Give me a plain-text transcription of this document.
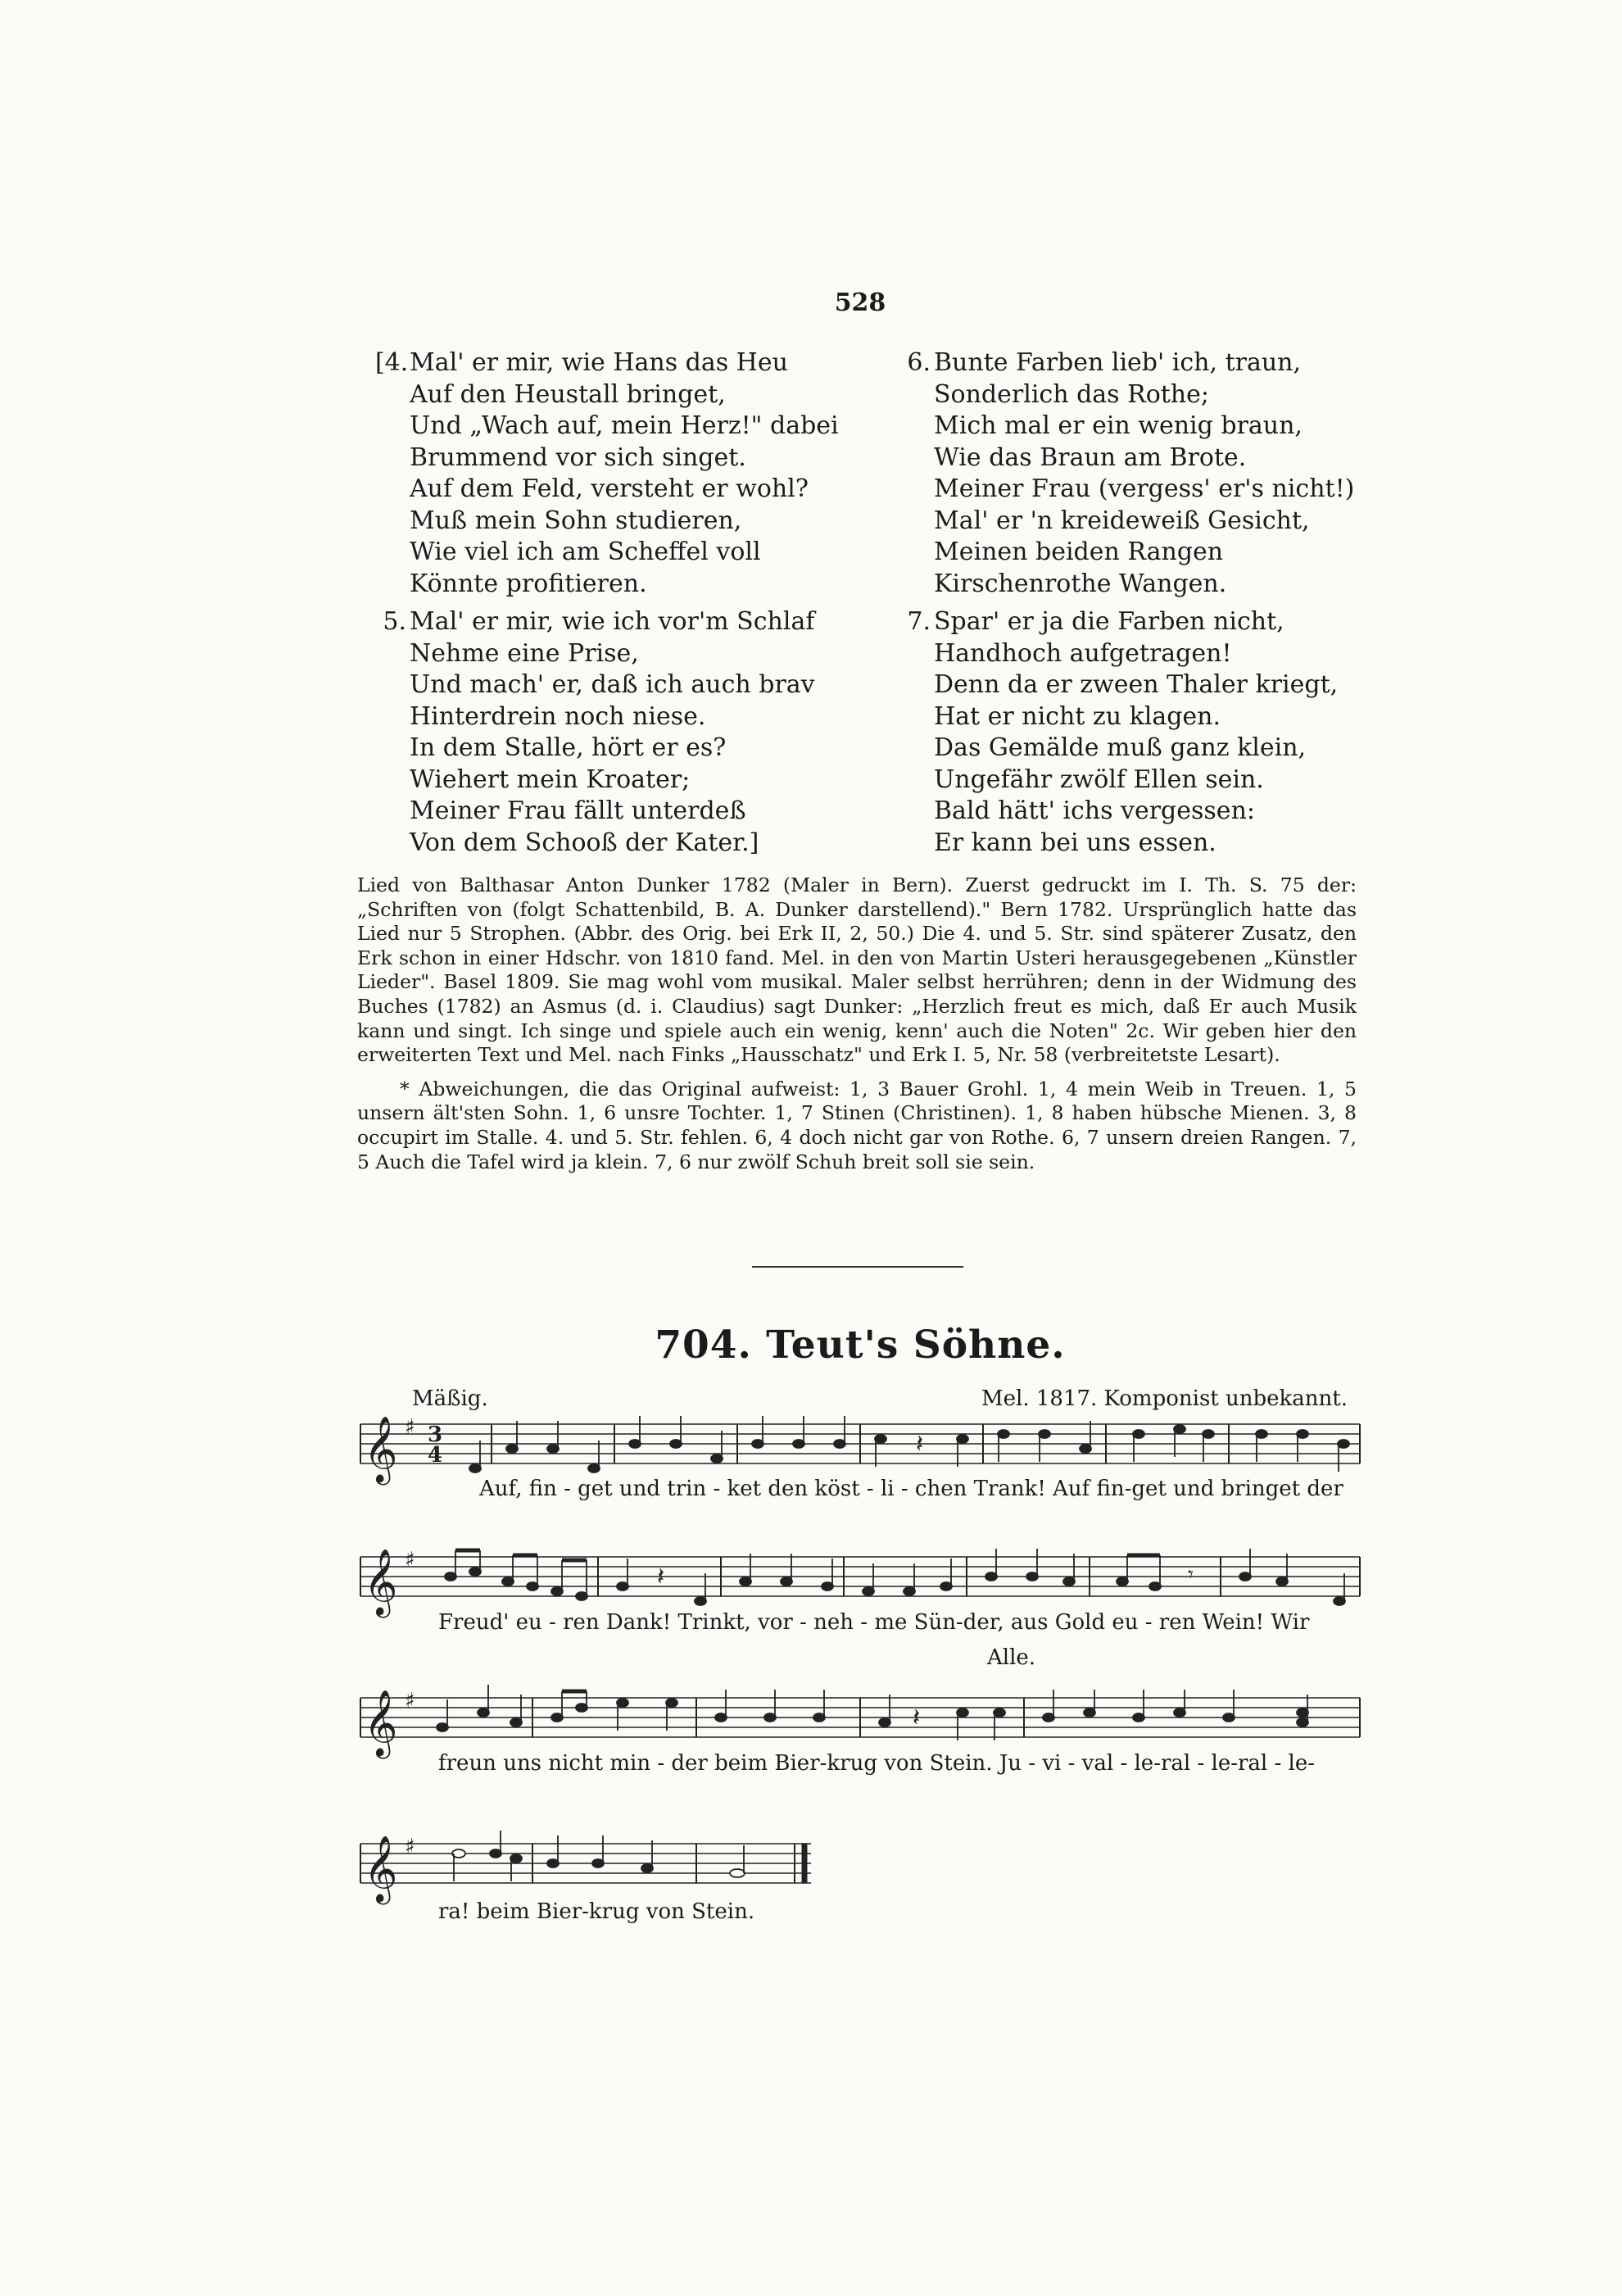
528
[4. Mal' er mir, wie Hans das Heu
Auf den Heustall bringet,
Und „Wach auf, mein Herz!" dabei
Brummend vor sich singet.
Auf dem Feld, versteht er wohl?
Muß mein Sohn studieren,
Wie viel ich am Scheffel voll
Könnte profitieren.
5. Mal' er mir, wie ich vor'm Schlaf
Nehme eine Prise,
Und mach' er, daß ich auch brav
Hinterdrein noch niese.
In dem Stalle, hört er es?
Wiehert mein Kroater;
Meiner Frau fällt unterdeß
Von dem Schooß der Kater.]
6. Bunte Farben lieb' ich, traun,
Sonderlich das Rothe;
Mich mal er ein wenig braun,
Wie das Braun am Brote.
Meiner Frau (vergess' er's nicht!)
Mal' er 'n kreideweiß Gesicht,
Meinen beiden Rangen
Kirschenrothe Wangen.
7. Spar' er ja die Farben nicht,
Handhoch aufgetragen!
Denn da er zween Thaler kriegt,
Hat er nicht zu klagen.
Das Gemälde muß ganz klein,
Ungefähr zwölf Ellen sein.
Bald hätt' ichs vergessen:
Er kann bei uns essen.
Lied von Balthasar Anton Dunker 1782 (Maler in Bern). Zuerst gedruckt im I. Th. S. 75 der: „Schriften von (folgt Schattenbild, B. A. Dunker darstellend)." Bern 1782. Ursprünglich hatte das Lied nur 5 Strophen. (Abbr. des Orig. bei Erk II, 2, 50.) Die 4. und 5. Str. sind späterer Zusatz, den Erk schon in einer Hdschr. von 1810 fand. Mel. in den von Martin Usteri herausgegebenen „Künstler Lieder". Basel 1809. Sie mag wohl vom musikal. Maler selbst herrühren; denn in der Widmung des Buches (1782) an Asmus (d. i. Claudius) sagt Dunker: „Herzlich freut es mich, daß Er auch Musik kann und singt. Ich singe und spiele auch ein wenig, kenn' auch die Noten" 2c. Wir geben hier den erweiterten Text und Mel. nach Finks „Hausschatz" und Erk I. 5, Nr. 58 (verbreitetste Lesart).
* Abweichungen, die das Original aufweist: 1, 3 Bauer Grohl. 1, 4 mein Weib in Treuen. 1, 5 unsern ält'sten Sohn. 1, 6 unsre Tochter. 1, 7 Stinen (Christinen). 1, 8 haben hübsche Mienen. 3, 8 occupirt im Stalle. 4. und 5. Str. fehlen. 6, 4 doch nicht gar von Rothe. 6, 7 unsern dreien Rangen. 7, 5 Auch die Tafel wird ja klein. 7, 6 nur zwölf Schuh breit soll sie sein.
704. Teut's Söhne.
Mäßig.	Mel. 1817. Komponist unbekannt.
𝄞 ♯ 3
4	𝄽
𝄞 ♯
𝄽	𝄾
𝄞 ♯
𝄽
𝄞 ♯
Auf, fin - get und trin - ket den köst - li - chen Trank! Auf fin-get und bringet der
Freud' eu - ren Dank! Trinkt, vor - neh - me Sün-der, aus Gold eu - ren Wein! Wir
Alle.
freun uns nicht min - der beim Bier-krug von Stein. Ju - vi - val - le-ral - le-ral - le-
ra! beim Bier-krug von Stein.
